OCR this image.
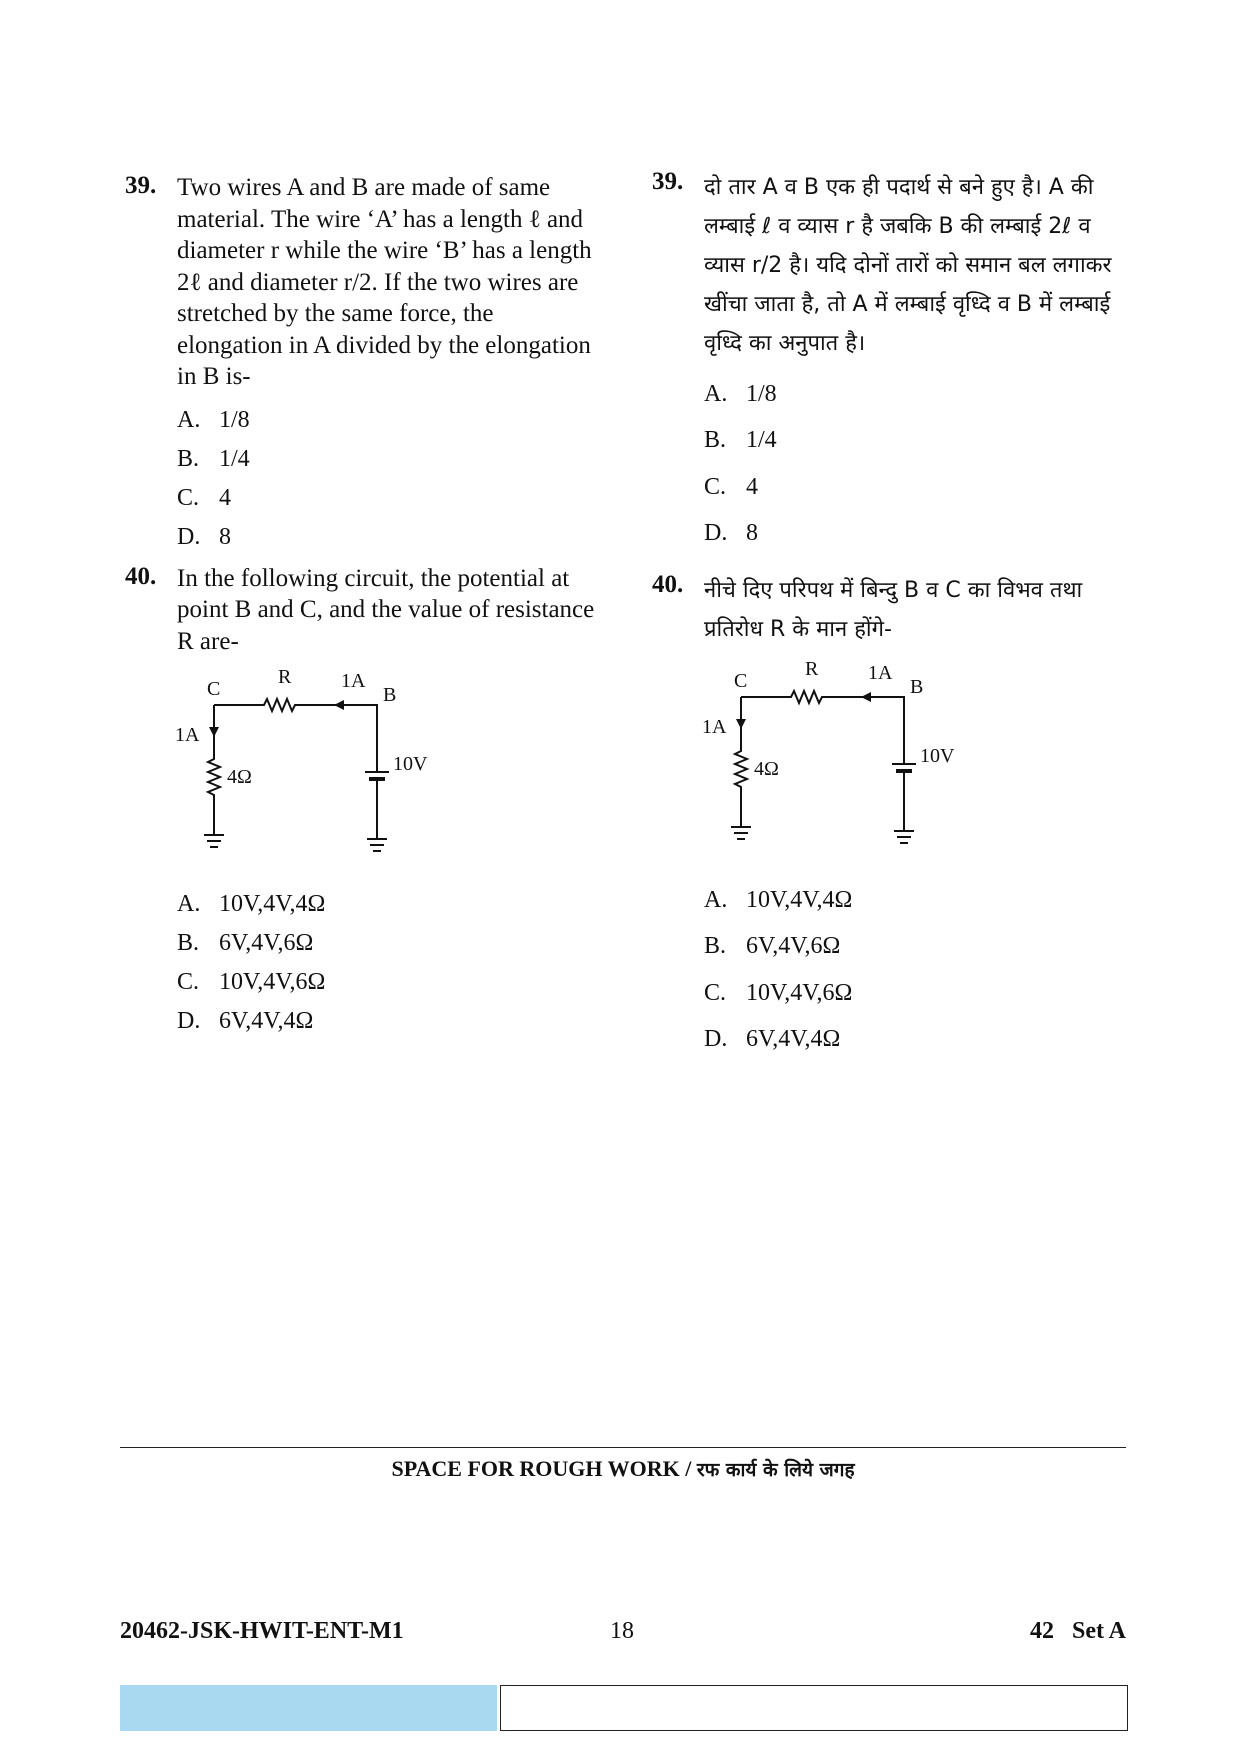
39. Two wires A and B are made of same material. The wire ‘A’ has a length ℓ and diameter r while the wire ‘B’ has a length 2ℓ and diameter r/2. If the two wires are stretched by the same force, the elongation in A divided by the elongation in B is-
A. 1/8
B. 1/4
C. 4
D. 8
40. In the following circuit, the potential at point B and C, and the value of resistance R are-
C
R 1A
B
1A
4Ω
10V
A. 10V,4V,4Ω
B. 6V,4V,6Ω
C. 10V,4V,6Ω
D. 6V,4V,4Ω
39. दो तार A व B एक ही पदार्थ से बने हुए है। A की लम्बाई ℓ व व्यास r है जबकि B की लम्बाई 2ℓ व व्यास r/2 है। यदि दोनों तारों को समान बल लगाकर खींचा जाता है, तो A में लम्बाई वृध्दि व B में लम्बाई वृध्दि का अनुपात है।
A. 1/8
B. 1/4
C. 4
D. 8
40. नीचे दिए परिपथ में बिन्दु B व C का विभव तथा प्रतिरोध R के मान होंगे-
C
R 1A
B
1A
4Ω
10V
A. 10V,4V,4Ω
B. 6V,4V,6Ω
C. 10V,4V,6Ω
D. 6V,4V,4Ω
SPACE FOR ROUGH WORK / रफ कार्य के लिये जगह
20462-JSK-HWIT-ENT-M1	18	42   Set A
